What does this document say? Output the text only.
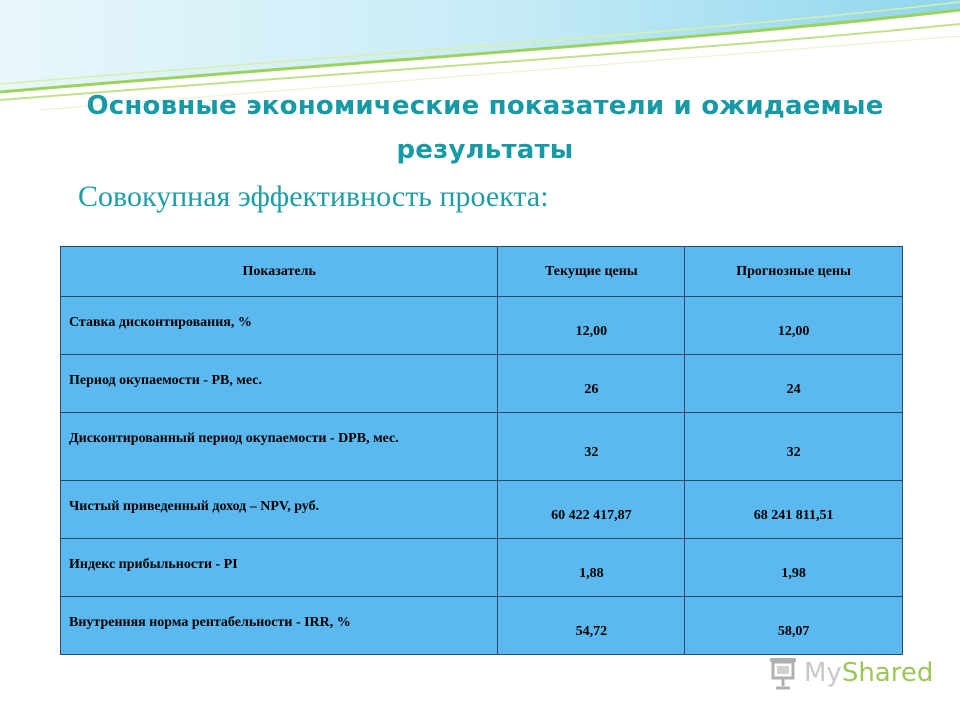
Основные экономические показатели и ожидаемые результаты
Совокупная эффективность проекта:
Показатель	Текущие цены	Прогнозные цены
Ставка дисконтирования, %	12,00	12,00
Период окупаемости - PB, мес.	26	24
Дисконтированный период окупаемости - DPB, мес.	32	32
Чистый приведенный доход – NPV, руб.	60 422 417,87	68 241 811,51
Индекс прибыльности - PI	1,88	1,98
Внутренняя норма рентабельности - IRR, %	54,72	58,07
MyShared
